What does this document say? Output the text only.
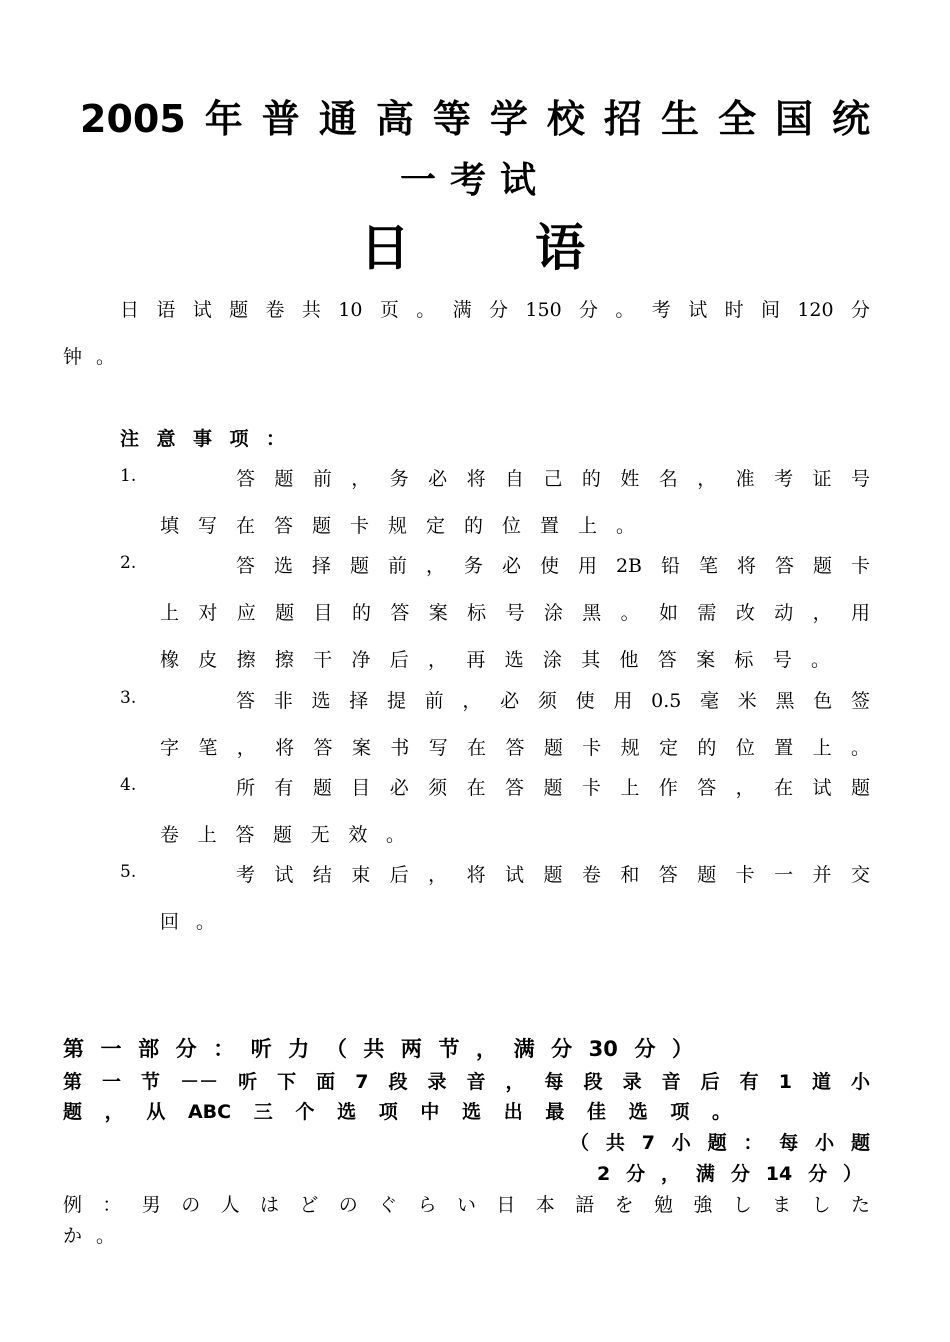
2005年普通高等学校招生全国统
一考试
日语
日语试题卷共10页。满分150分。考试时间120分
钟。
注意事项：
1.	答题前，务必将自己的姓名，准考证号
填写在答题卡规定的位置上。
2.	答选择题前，务必使用2B铅笔将答题卡
上对应题目的答案标号涂黑。如需改动，用
橡皮擦擦干净后，再选涂其他答案标号。
3.	答非选择提前，必须使用0.5毫米黑色签
字笔，将答案书写在答题卡规定的位置上。
4.	所有题目必须在答题卡上作答，在试题
卷上答题无效。
5.	考试结束后，将试题卷和答题卡一并交
回。
第一部分：听力（共两节，满分30分）
第一节－－听下面7段录音，每段录音后有1道小
题，从ABC三个选项中选出最佳选项。
（共7小题：每小题
2分，满分14分）
例：男の人はどのぐらい日本語を勉強しました
か。
